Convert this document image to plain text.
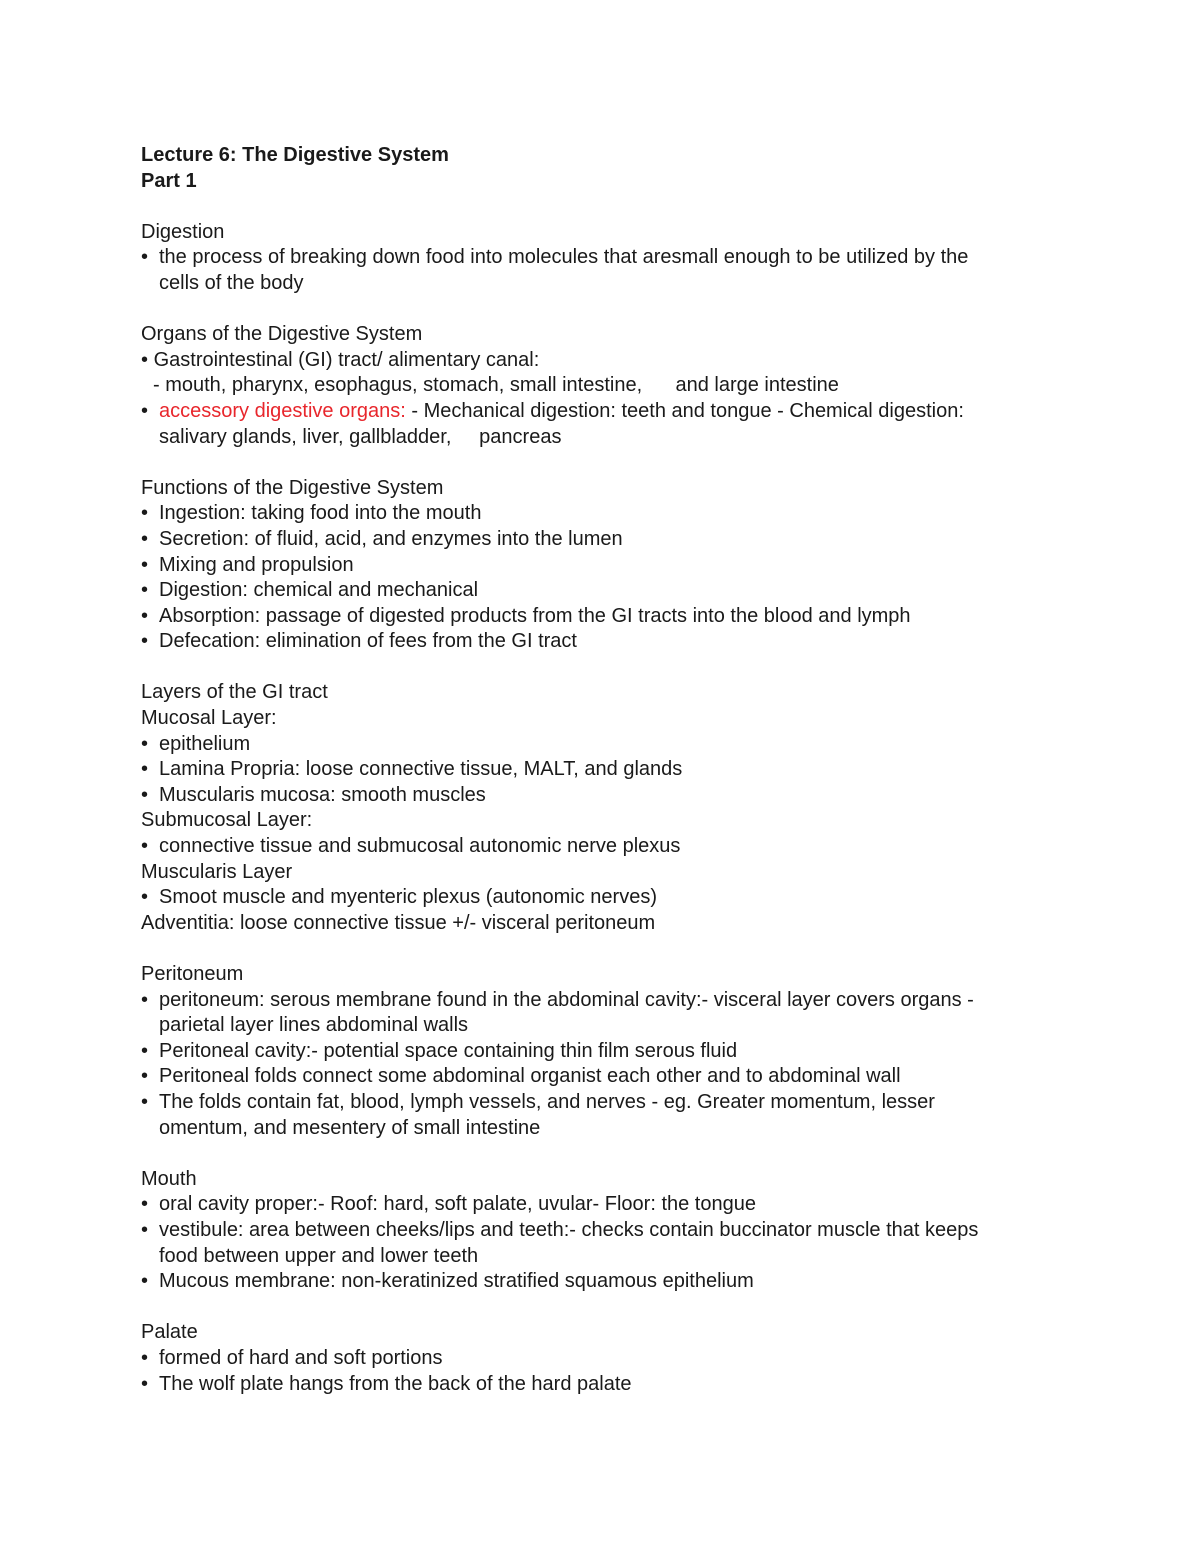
Lecture 6: The Digestive System
Part 1
Digestion
• the process of breaking down food into molecules that aresmall enough to be utilized by the
cells of the body
Organs of the Digestive System
• Gastrointestinal (GI) tract/ alimentary canal:
- mouth, pharynx, esophagus, stomach, small intestine,      and large intestine
• accessory digestive organs: - Mechanical digestion: teeth and tongue - Chemical digestion:
salivary glands, liver, gallbladder,     pancreas
Functions of the Digestive System
• Ingestion: taking food into the mouth
• Secretion: of fluid, acid, and enzymes into the lumen
• Mixing and propulsion
• Digestion: chemical and mechanical
• Absorption: passage of digested products from the GI tracts into the blood and lymph
• Defecation: elimination of fees from the GI tract
Layers of the GI tract
Mucosal Layer:
• epithelium
• Lamina Propria: loose connective tissue, MALT, and glands
• Muscularis mucosa: smooth muscles
Submucosal Layer:
• connective tissue and submucosal autonomic nerve plexus
Muscularis Layer
• Smoot muscle and myenteric plexus (autonomic nerves)
Adventitia: loose connective tissue +/- visceral peritoneum
Peritoneum
• peritoneum: serous membrane found in the abdominal cavity:- visceral layer covers organs -
parietal layer lines abdominal walls
• Peritoneal cavity:- potential space containing thin film serous fluid
• Peritoneal folds connect some abdominal organist each other and to abdominal wall
• The folds contain fat, blood, lymph vessels, and nerves - eg. Greater momentum, lesser
omentum, and mesentery of small intestine
Mouth
• oral cavity proper:- Roof: hard, soft palate, uvular- Floor: the tongue
• vestibule: area between cheeks/lips and teeth:- checks contain buccinator muscle that keeps
food between upper and lower teeth
• Mucous membrane: non-keratinized stratified squamous epithelium
Palate
• formed of hard and soft portions
• The wolf plate hangs from the back of the hard palate
